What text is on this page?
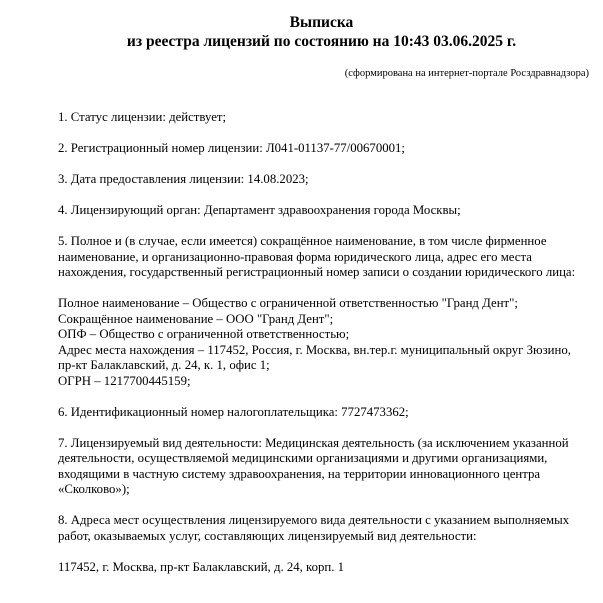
Выписка
из реестра лицензий по состоянию на 10:43 03.06.2025 г.

(сформирована на интернет-портале Росздравнадзора)

1. Статус лицензии: действует;

2. Регистрационный номер лицензии: Л041-01137-77/00670001;

3. Дата предоставления лицензии: 14.08.2023;

4. Лицензирующий орган: Департамент здравоохранения города Москвы;

5. Полное и (в случае, если имеется) сокращённое наименование, в том числе фирменное
наименование, и организационно-правовая форма юридического лица, адрес его места
нахождения, государственный регистрационный номер записи о создании юридического лица:

Полное наименование – Общество с ограниченной ответственностью "Гранд Дент";
Сокращённое наименование – ООО "Гранд Дент";
ОПФ – Общество с ограниченной ответственностью;
Адрес места нахождения – 117452, Россия, г. Москва, вн.тер.г. муниципальный округ Зюзино,
пр-кт Балаклавский, д. 24, к. 1, офис 1;
ОГРН – 1217700445159;

6. Идентификационный номер налогоплательщика: 7727473362;

7. Лицензируемый вид деятельности: Медицинская деятельность (за исключением указанной
деятельности, осуществляемой медицинскими организациями и другими организациями,
входящими в частную систему здравоохранения, на территории инновационного центра
«Сколково»);

8. Адреса мест осуществления лицензируемого вида деятельности с указанием выполняемых
работ, оказываемых услуг, составляющих лицензируемый вид деятельности:

117452, г. Москва, пр-кт Балаклавский, д. 24, корп. 1
